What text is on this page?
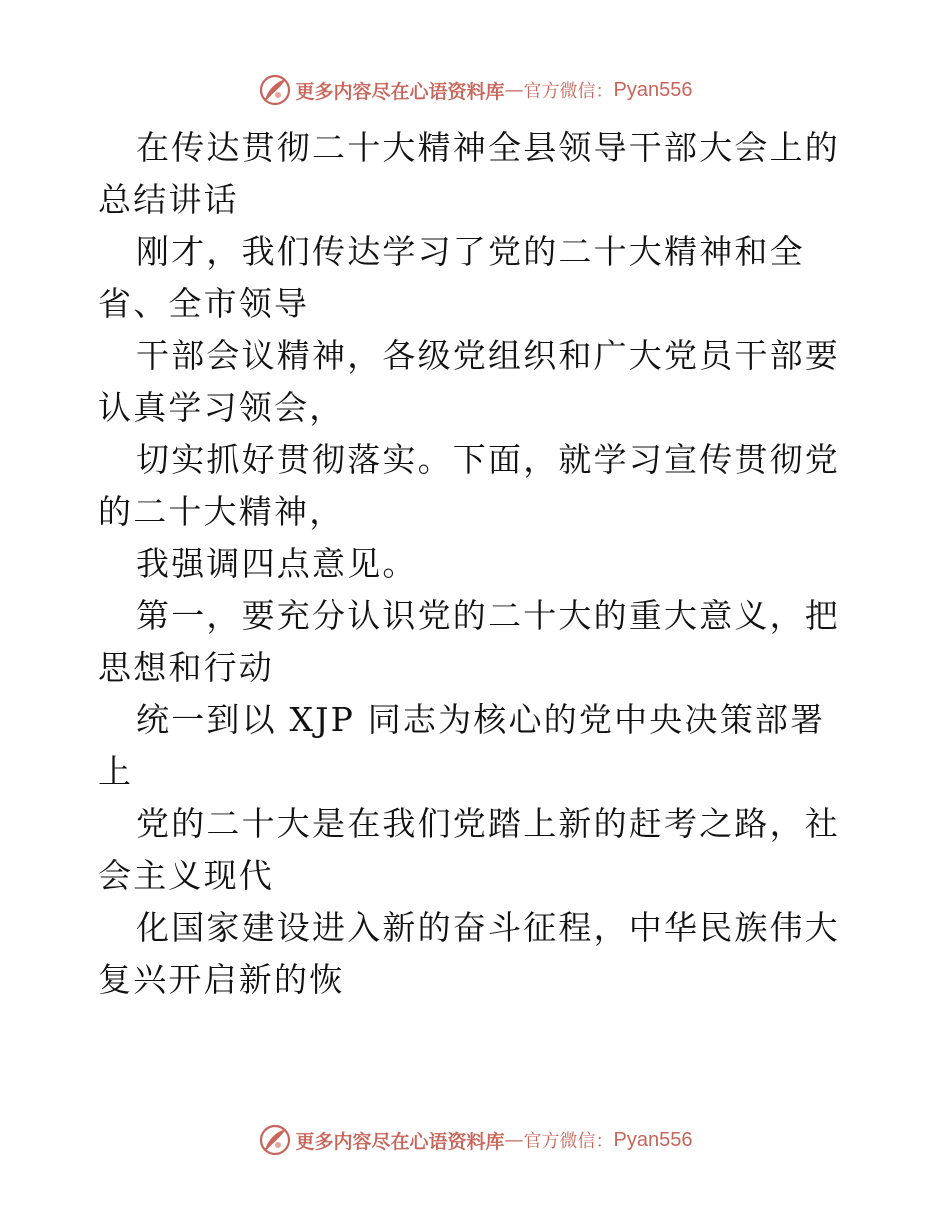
更多内容尽在心语资料库 — 官方微信： Pyan556

在传达贯彻二十大精神全县领导干部大会上的总结讲话

刚才，我们传达学习了党的二十大精神和全省、全市领导

干部会议精神，各级党组织和广大党员干部要认真学习领会，

切实抓好贯彻落实。下面，就学习宣传贯彻党的二十大精神，

我强调四点意见。

第一，要充分认识党的二十大的重大意义，把思想和行动

统一到以 XJP 同志为核心的党中央决策部署上

党的二十大是在我们党踏上新的赶考之路，社会主义现代

化国家建设进入新的奋斗征程，中华民族伟大复兴开启新的恢

更多内容尽在心语资料库 — 官方微信： Pyan556
